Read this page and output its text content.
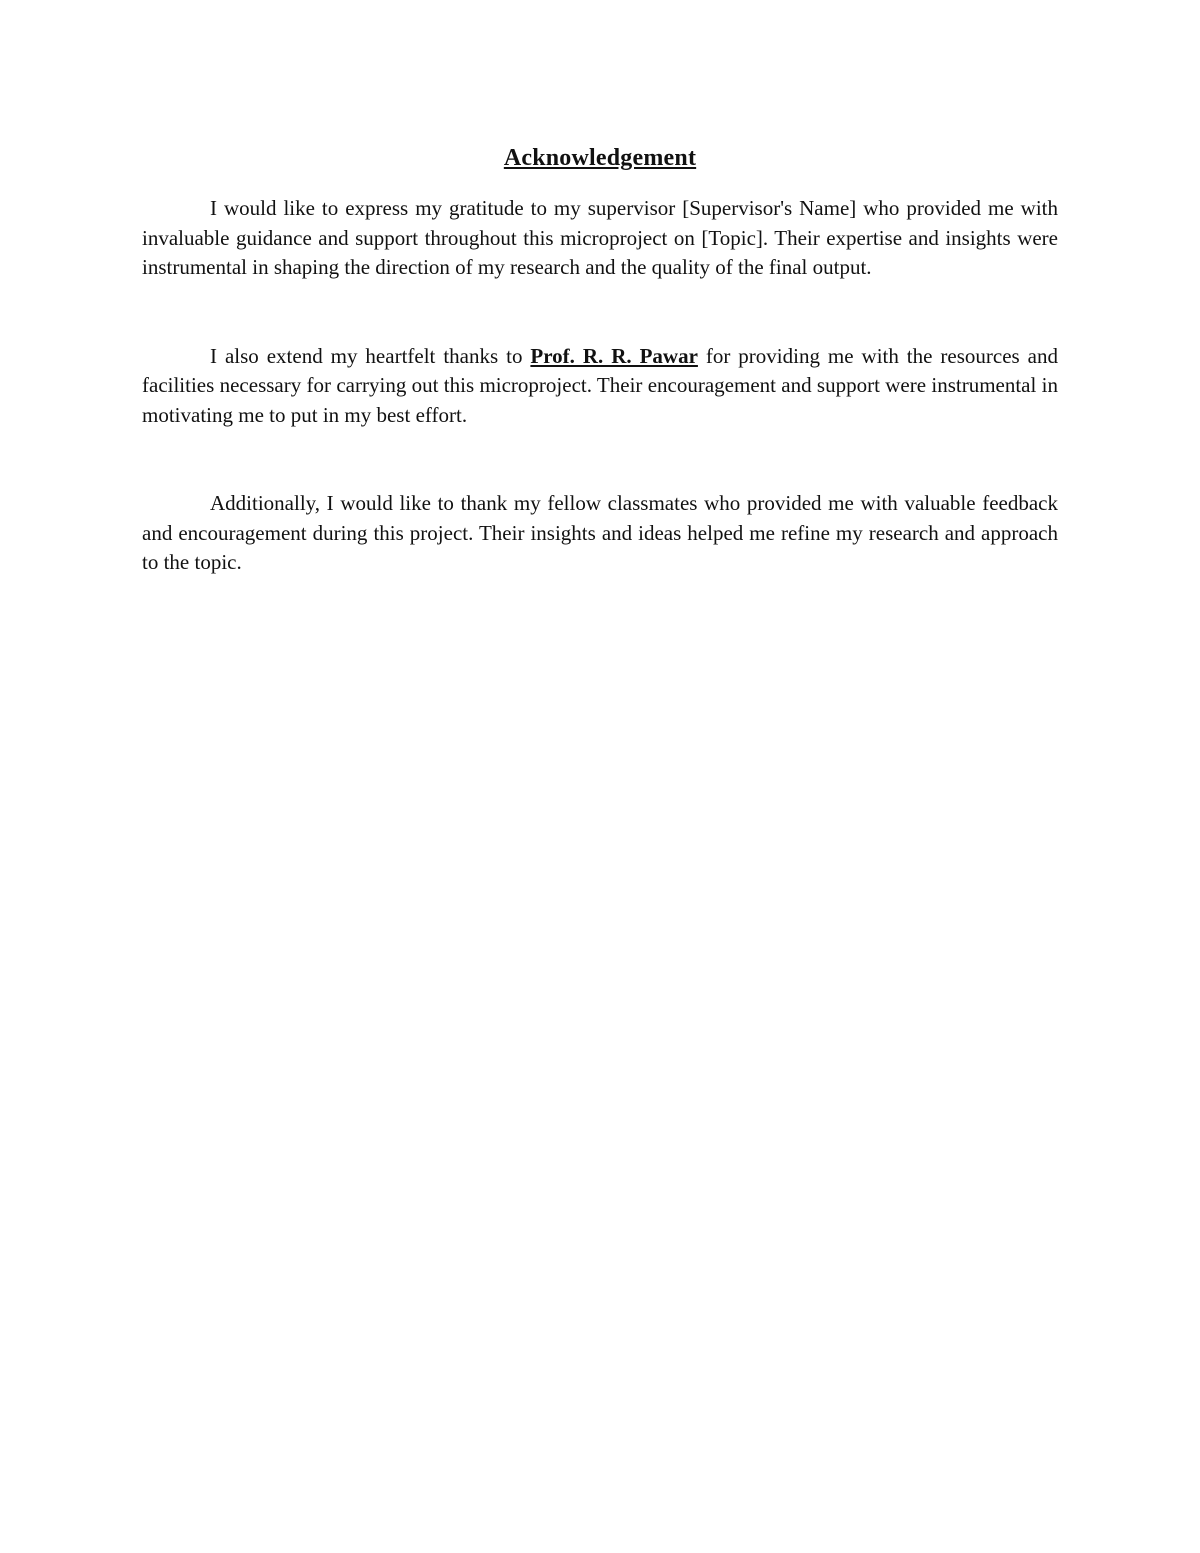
Acknowledgement

I would like to express my gratitude to my supervisor [Supervisor's Name] who provided me with invaluable guidance and support throughout this microproject on [Topic]. Their expertise and insights were instrumental in shaping the direction of my research and the quality of the final output.

I also extend my heartfelt thanks to Prof. R. R. Pawar for providing me with the resources and facilities necessary for carrying out this microproject. Their encouragement and support were instrumental in motivating me to put in my best effort.

Additionally, I would like to thank my fellow classmates who provided me with valuable feedback and encouragement during this project. Their insights and ideas helped me refine my research and approach to the topic.
